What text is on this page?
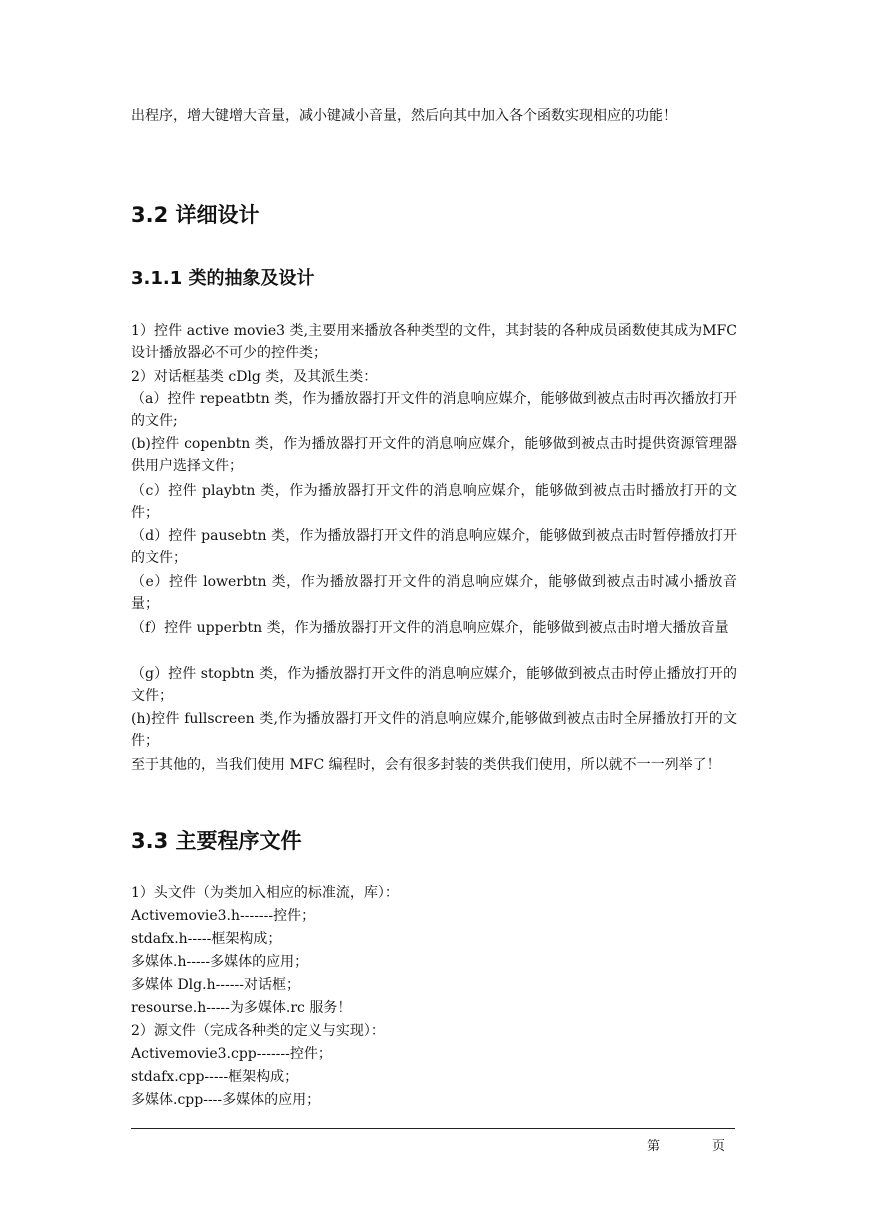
出程序，增大键增大音量，减小键减小音量，然后向其中加入各个函数实现相应的功能！
3.2 详细设计
3.1.1 类的抽象及设计
1）控件 active movie3 类,主要用来播放各种类型的文件，其封装的各种成员函数使其成为MFC 设计播放器必不可少的控件类；
2）对话框基类 cDlg 类，及其派生类：
（a）控件 repeatbtn 类，作为播放器打开文件的消息响应媒介，能够做到被点击时再次播放打开的文件;
(b)控件 copenbtn 类，作为播放器打开文件的消息响应媒介，能够做到被点击时提供资源管理器供用户选择文件；
（c）控件 playbtn 类，作为播放器打开文件的消息响应媒介，能够做到被点击时播放打开的文件；
（d）控件 pausebtn 类，作为播放器打开文件的消息响应媒介，能够做到被点击时暂停播放打开的文件；
（e）控件 lowerbtn 类，作为播放器打开文件的消息响应媒介，能够做到被点击时减小播放音量；
（f）控件 upperbtn 类，作为播放器打开文件的消息响应媒介，能够做到被点击时增大播放音量
（g）控件 stopbtn 类，作为播放器打开文件的消息响应媒介，能够做到被点击时停止播放打开的文件；
(h)控件 fullscreen 类,作为播放器打开文件的消息响应媒介,能够做到被点击时全屏播放打开的文件；
至于其他的，当我们使用 MFC 编程时，会有很多封装的类供我们使用，所以就不一一列举了！
3.3 主要程序文件
1）头文件（为类加入相应的标准流，库）：
Activemovie3.h-------控件；
stdafx.h-----框架构成；
多媒体.h-----多媒体的应用；
多媒体 Dlg.h------对话框；
resourse.h-----为多媒体.rc 服务！
2）源文件（完成各种类的定义与实现）：
Activemovie3.cpp-------控件；
stdafx.cpp-----框架构成；
多媒体.cpp----多媒体的应用；
第	页
